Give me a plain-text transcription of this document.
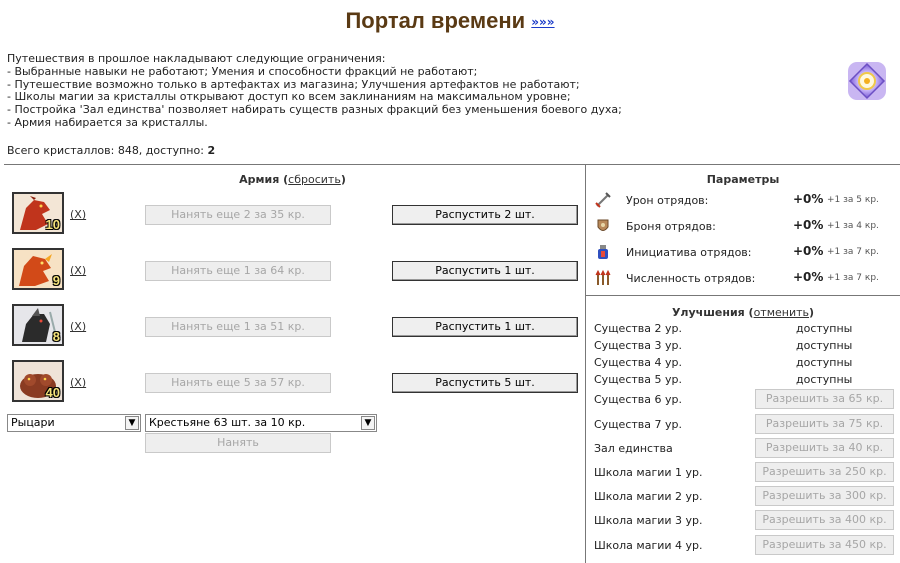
Портал времени »»»
Путешествия в прошлое накладывают следующие ограничения:
- Выбранные навыки не работают; Умения и способности фракций не работают;
- Путешествие возможно только в артефактах из магазина; Улучшения артефактов не работают;
- Школы магии за кристаллы открывают доступ ко всем заклинаниям на максимальном уровне;
- Постройка 'Зал единства' позволяет набирать существ разных фракций без уменьшения боевого духа;
- Армия набирается за кристаллы.
Всего кристаллов: 848, доступно: 2
Армия (сбросить)
10
(X)	Нанять еще 2 за 35 кр.	Распустить 2 шт.
9
(X)	Нанять еще 1 за 64 кр.	Распустить 1 шт.
8
(X)	Нанять еще 1 за 51 кр.	Распустить 1 шт.
40
(X)	Нанять еще 5 за 57 кр.	Распустить 5 шт.
Рыцари	▼	Крестьяне 63 шт. за 10 кр.	▼
Нанять
Параметры
Урон отрядов:	+0% +1 за 5 кр.
Броня отрядов:	+0% +1 за 4 кр.
Инициатива отрядов:	+0% +1 за 7 кр.
Численность отрядов:	+0% +1 за 7 кр.
Улучшения (отменить)
Существа 2 ур.	доступны
Существа 3 ур.	доступны
Существа 4 ур.	доступны
Существа 5 ур.	доступны
Существа 6 ур.	Разрешить за 65 кр.
Существа 7 ур.	Разрешить за 75 кр.
Зал единства	Разрешить за 40 кр.
Школа магии 1 ур.	Разрешить за 250 кр.
Школа магии 2 ур.	Разрешить за 300 кр.
Школа магии 3 ур.	Разрешить за 400 кр.
Школа магии 4 ур.	Разрешить за 450 кр.
